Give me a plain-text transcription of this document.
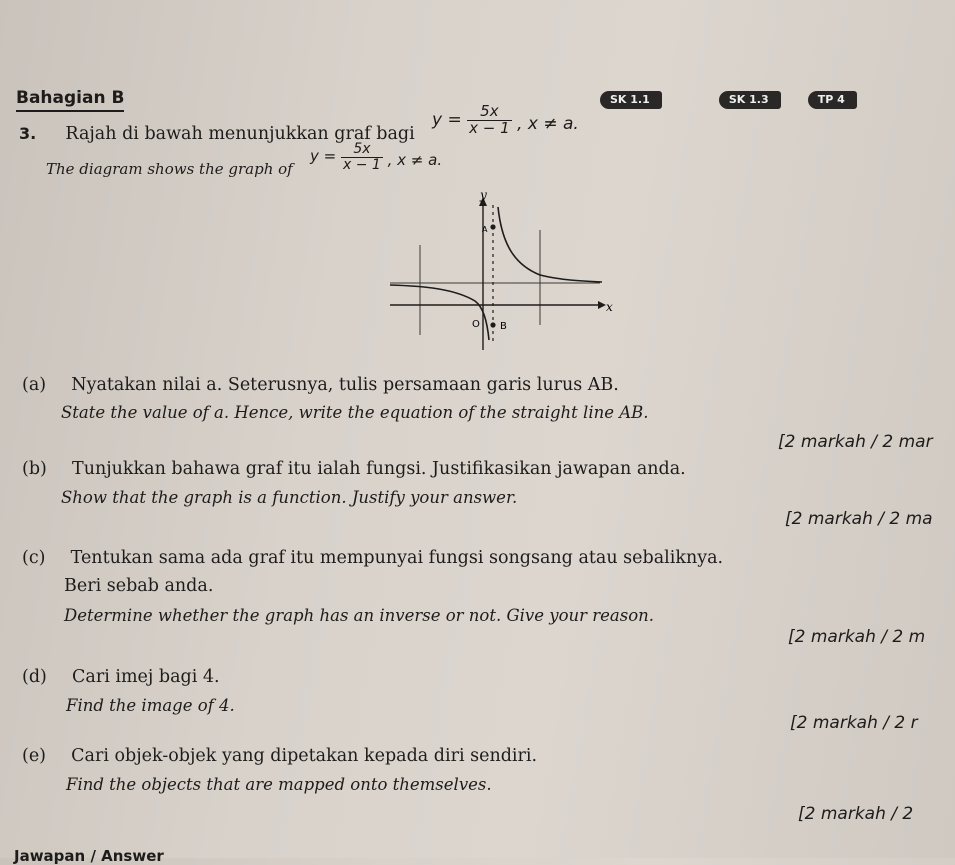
Bahagian B
3. Rajah di bawah menunjukkan graf bagi
$y = \frac{5x}{x - 1}$ , x ≠ a.
SK 1.1	SK 1.3	TP 4
The diagram shows the graph of
$y = \frac{5x}{x - 1}$ , x ≠ a.
y
x
O
A
B
(a) Nyatakan nilai a. Seterusnya, tulis persamaan garis lurus AB.
State the value of a. Hence, write the equation of the straight line AB.
[2 markah / 2 mar
(b) Tunjukkan bahawa graf itu ialah fungsi. Justifikasikan jawapan anda.
Show that the graph is a function. Justify your answer.
[2 markah / 2 ma
(c) Tentukan sama ada graf itu mempunyai fungsi songsang atau sebaliknya.
Beri sebab anda.
Determine whether the graph has an inverse or not. Give your reason.
[2 markah / 2 m
(d) Cari imej bagi 4.
Find the image of 4.
[2 markah / 2 r
(e) Cari objek-objek yang dipetakan kepada diri sendiri.
Find the objects that are mapped onto themselves.
[2 markah / 2
Jawapan / Answer
